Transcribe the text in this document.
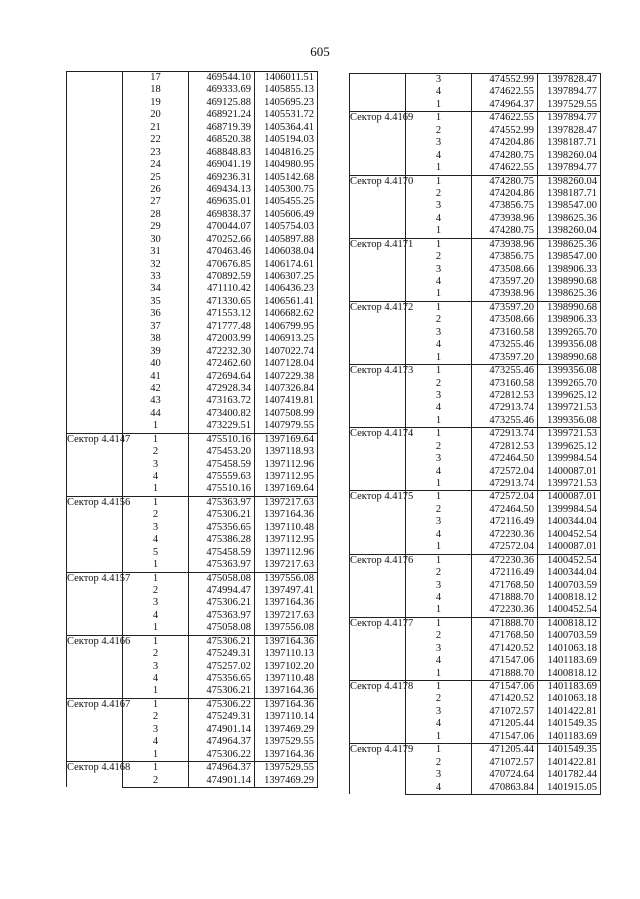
605
	17	469544.10	1406011.51
	18	469333.69	1405855.13
	19	469125.88	1405695.23
	20	468921.24	1405531.72
	21	468719.39	1405364.41
	22	468520.38	1405194.03
	23	468848.83	1404816.25
	24	469041.19	1404980.95
	25	469236.31	1405142.68
	26	469434.13	1405300.75
	27	469635.01	1405455.25
	28	469838.37	1405606.49
	29	470044.07	1405754.03
	30	470252.66	1405897.88
	31	470463.46	1406038.04
	32	470676.85	1406174.61
	33	470892.59	1406307.25
	34	471110.42	1406436.23
	35	471330.65	1406561.41
	36	471553.12	1406682.62
	37	471777.48	1406799.95
	38	472003.99	1406913.25
	39	472232.30	1407022.74
	40	472462.60	1407128.04
	41	472694.64	1407229.38
	42	472928.34	1407326.84
	43	473163.72	1407419.81
	44	473400.82	1407508.99
	1	473229.51	1407979.55
Сектор 4.4147	1	475510.16	1397169.64
	2	475453.20	1397118.93
	3	475458.59	1397112.96
	4	475559.63	1397112.95
	1	475510.16	1397169.64
Сектор 4.4156	1	475363.97	1397217.63
	2	475306.21	1397164.36
	3	475356.65	1397110.48
	4	475386.28	1397112.95
	5	475458.59	1397112.96
	1	475363.97	1397217.63
Сектор 4.4157	1	475058.08	1397556.08
	2	474994.47	1397497.41
	3	475306.21	1397164.36
	4	475363.97	1397217.63
	1	475058.08	1397556.08
Сектор 4.4166	1	475306.21	1397164.36
	2	475249.31	1397110.13
	3	475257.02	1397102.20
	4	475356.65	1397110.48
	1	475306.21	1397164.36
Сектор 4.4167	1	475306.22	1397164.36
	2	475249.31	1397110.14
	3	474901.14	1397469.29
	4	474964.37	1397529.55
	1	475306.22	1397164.36
Сектор 4.4168	1	474964.37	1397529.55
	2	474901.14	1397469.29
	3	474552.99	1397828.47
	4	474622.55	1397894.77
	1	474964.37	1397529.55
Сектор 4.4169	1	474622.55	1397894.77
	2	474552.99	1397828.47
	3	474204.86	1398187.71
	4	474280.75	1398260.04
	1	474622.55	1397894.77
Сектор 4.4170	1	474280.75	1398260.04
	2	474204.86	1398187.71
	3	473856.75	1398547.00
	4	473938.96	1398625.36
	1	474280.75	1398260.04
Сектор 4.4171	1	473938.96	1398625.36
	2	473856.75	1398547.00
	3	473508.66	1398906.33
	4	473597.20	1398990.68
	1	473938.96	1398625.36
Сектор 4.4172	1	473597.20	1398990.68
	2	473508.66	1398906.33
	3	473160.58	1399265.70
	4	473255.46	1399356.08
	1	473597.20	1398990.68
Сектор 4.4173	1	473255.46	1399356.08
	2	473160.58	1399265.70
	3	472812.53	1399625.12
	4	472913.74	1399721.53
	1	473255.46	1399356.08
Сектор 4.4174	1	472913.74	1399721.53
	2	472812.53	1399625.12
	3	472464.50	1399984.54
	4	472572.04	1400087.01
	1	472913.74	1399721.53
Сектор 4.4175	1	472572.04	1400087.01
	2	472464.50	1399984.54
	3	472116.49	1400344.04
	4	472230.36	1400452.54
	1	472572.04	1400087.01
Сектор 4.4176	1	472230.36	1400452.54
	2	472116.49	1400344.04
	3	471768.50	1400703.59
	4	471888.70	1400818.12
	1	472230.36	1400452.54
Сектор 4.4177	1	471888.70	1400818.12
	2	471768.50	1400703.59
	3	471420.52	1401063.18
	4	471547.06	1401183.69
	1	471888.70	1400818.12
Сектор 4.4178	1	471547.06	1401183.69
	2	471420.52	1401063.18
	3	471072.57	1401422.81
	4	471205.44	1401549.35
	1	471547.06	1401183.69
Сектор 4.4179	1	471205.44	1401549.35
	2	471072.57	1401422.81
	3	470724.64	1401782.44
	4	470863.84	1401915.05
